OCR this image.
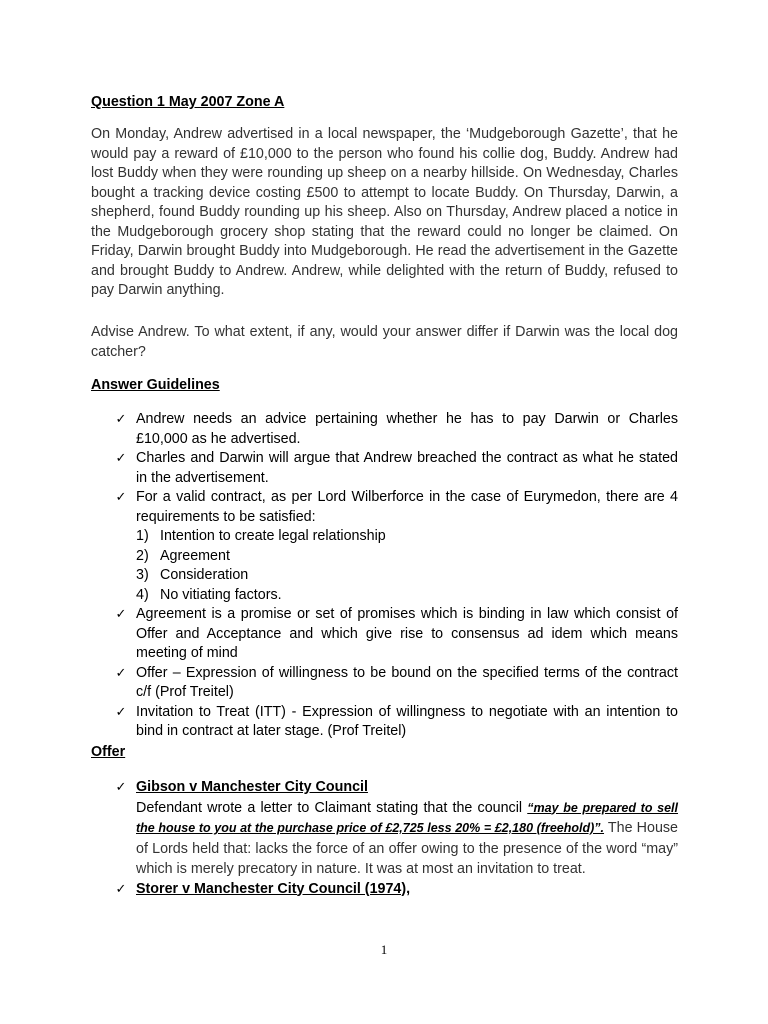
Question 1 May 2007 Zone A
On Monday, Andrew advertised in a local newspaper, the ‘Mudgeborough Gazette’, that he would pay a reward of £10,000 to the person who found his collie dog, Buddy. Andrew had lost Buddy when they were rounding up sheep on a nearby hillside. On Wednesday, Charles bought a tracking device costing £500 to attempt to locate Buddy. On Thursday, Darwin, a shepherd, found Buddy rounding up his sheep. Also on Thursday, Andrew placed a notice in the Mudgeborough grocery shop stating that the reward could no longer be claimed. On Friday, Darwin brought Buddy into Mudgeborough. He read the advertisement in the Gazette and brought Buddy to Andrew. Andrew, while delighted with the return of Buddy, refused to pay Darwin anything.
Advise Andrew. To what extent, if any, would your answer differ if Darwin was the local dog catcher?
Answer Guidelines
✓ Andrew needs an advice pertaining whether he has to pay Darwin or Charles £10,000 as he advertised.
✓ Charles and Darwin will argue that Andrew breached the contract as what he stated in the advertisement.
✓ For a valid contract, as per Lord Wilberforce in the case of Eurymedon, there are 4 requirements to be satisfied:
1) Intention to create legal relationship
2) Agreement
3) Consideration
4) No vitiating factors.
✓ Agreement is a promise or set of promises which is binding in law which consist of Offer and Acceptance and which give rise to consensus ad idem which means meeting of mind
✓ Offer – Expression of willingness to be bound on the specified terms of the contract c/f (Prof Treitel)
✓ Invitation to Treat (ITT) - Expression of willingness to negotiate with an intention to bind in contract at later stage. (Prof Treitel)
Offer
✓ Gibson v Manchester City Council
Defendant wrote a letter to Claimant stating that the council “may be prepared to sell the house to you at the purchase price of £2,725 less 20% = £2,180 (freehold)”. The House of Lords held that: lacks the force of an offer owing to the presence of the word “may” which is merely precatory in nature. It was at most an invitation to treat.
✓ Storer v Manchester City Council (1974),
1
